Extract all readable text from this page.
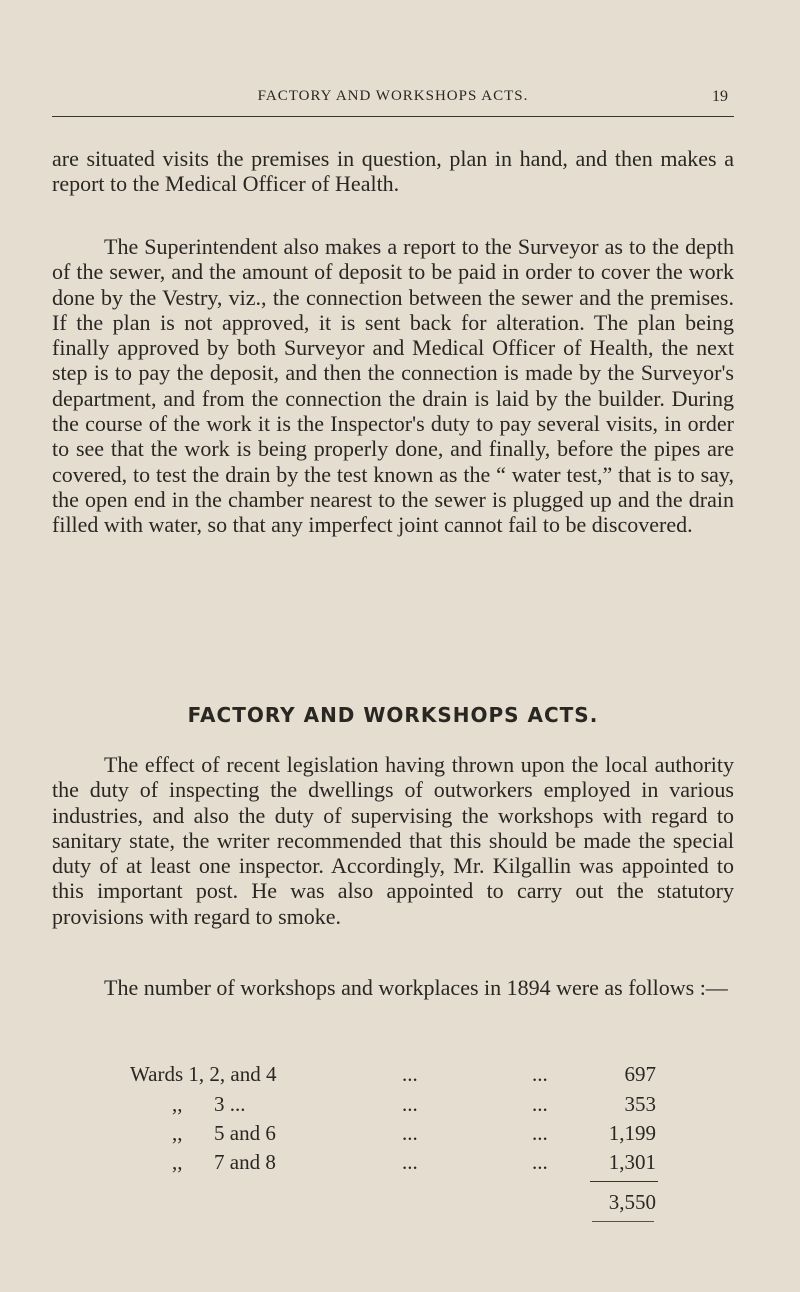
FACTORY AND WORKSHOPS ACTS.	19
are situated visits the premises in question, plan in hand, and then makes a report to the Medical Officer of Health.
The Superintendent also makes a report to the Surveyor as to the depth of the sewer, and the amount of deposit to be paid in order to cover the work done by the Vestry, viz., the connection between the sewer and the premises. If the plan is not approved, it is sent back for alteration. The plan being finally approved by both Surveyor and Medical Officer of Health, the next step is to pay the deposit, and then the connection is made by the Surveyor's department, and from the connection the drain is laid by the builder. During the course of the work it is the Inspector's duty to pay several visits, in order to see that the work is being properly done, and finally, before the pipes are covered, to test the drain by the test known as the “ water test,” that is to say, the open end in the chamber nearest to the sewer is plugged up and the drain filled with water, so that any imperfect joint cannot fail to be discovered.
FACTORY AND WORKSHOPS ACTS.
The effect of recent legislation having thrown upon the local authority the duty of inspecting the dwellings of outworkers employed in various industries, and also the duty of supervising the workshops with regard to sanitary state, the writer recommended that this should be made the special duty of at least one inspector. Accordingly, Mr. Kilgallin was appointed to this important post. He was also appointed to carry out the statutory provisions with regard to smoke.
The number of workshops and workplaces in 1894 were as follows :—
Wards 1, 2, and 4	...	...	697
,, 3 ...	...	...	353
,, 5 and 6	...	...	1,199
,, 7 and 8	...	...	1,301
3,550
